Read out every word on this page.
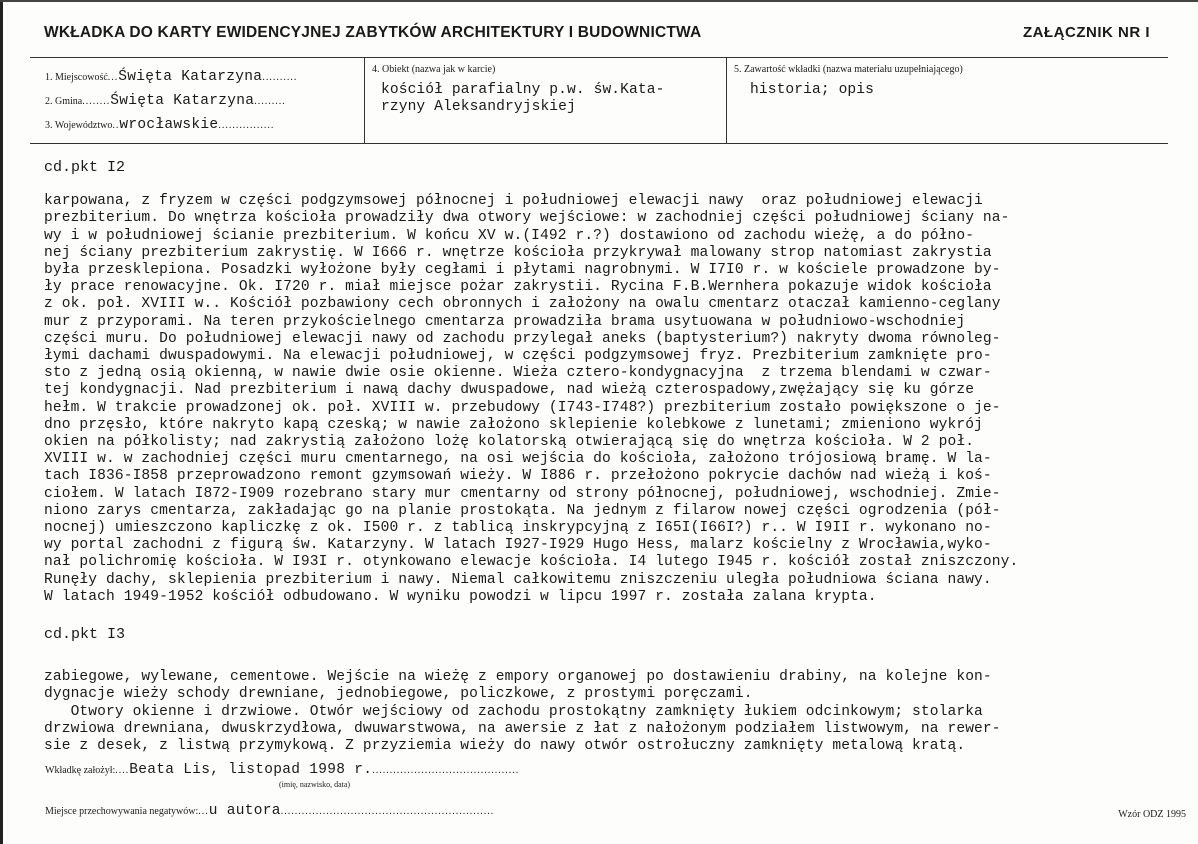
WKŁADKA DO KARTY EWIDENCYJNEJ ZABYTKÓW ARCHITEKTURY I BUDOWNICTWA	ZAŁĄCZNIK NR I
1. Miejscowość ... Święta Katarzyna ..........
2. Gmina ........ Święta Katarzyna .........
3. Województwo .. wrocławskie ................
4. Obiekt (nazwa jak w karcie)
kościół parafialny p.w. św.Kata-
rzyny Aleksandryjskiej
5. Zawartość wkładki (nazwa materiału uzupełniającego)
historia; opis
cd.pkt I2

karpowana, z fryzem w części podgzymsowej północnej i południowej elewacji nawy  oraz południowej elewacji
prezbiterium. Do wnętrza kościoła prowadziły dwa otwory wejściowe: w zachodniej części południowej ściany na-
wy i w południowej ścianie prezbiterium. W końcu XV w.(I492 r.?) dostawiono od zachodu wieżę, a do półno-
nej ściany prezbiterium zakrystię. W I666 r. wnętrze kościoła przykrywał malowany strop natomiast zakrystia
była przesklepiona. Posadzki wyłożone były cegłami i płytami nagrobnymi. W I7I0 r. w kościele prowadzone by-
ły prace renowacyjne. Ok. I720 r. miał miejsce pożar zakrystii. Rycina F.B.Wernhera pokazuje widok kościoła
z ok. poł. XVIII w.. Kościół pozbawiony cech obronnych i założony na owalu cmentarz otaczał kamienno-ceglany
mur z przyporami. Na teren przykościelnego cmentarza prowadziła brama usytuowana w południowo-wschodniej
części muru. Do południowej elewacji nawy od zachodu przylegał aneks (baptysterium?) nakryty dwoma równoleg-
łymi dachami dwuspadowymi. Na elewacji południowej, w części podgzymsowej fryz. Prezbiterium zamknięte pro-
sto z jedną osią okienną, w nawie dwie osie okienne. Wieża cztero-kondygnacyjna  z trzema blendami w czwar-
tej kondygnacji. Nad prezbiterium i nawą dachy dwuspadowe, nad wieżą czterospadowy,zwężający się ku górze
hełm. W trakcie prowadzonej ok. poł. XVIII w. przebudowy (I743-I748?) prezbiterium zostało powiększone o je-
dno przęsło, które nakryto kapą czeską; w nawie założono sklepienie kolebkowe z lunetami; zmieniono wykrój
okien na półkolisty; nad zakrystią założono lożę kolatorską otwierającą się do wnętrza kościoła. W 2 poł.
XVIII w. w zachodniej części muru cmentarnego, na osi wejścia do kościoła, założono trójosiową bramę. W la-
tach I836-I858 przeprowadzono remont gzymsowań wieży. W I886 r. przełożono pokrycie dachów nad wieżą i koś-
ciołem. W latach I872-I909 rozebrano stary mur cmentarny od strony północnej, południowej, wschodniej. Zmie-
niono zarys cmentarza, zakładając go na planie prostokąta. Na jednym z filarow nowej części ogrodzenia (pół-
nocnej) umieszczono kapliczkę z ok. I500 r. z tablicą inskrypcyjną z I65I(I66I?) r.. W I9II r. wykonano no-
wy portal zachodni z figurą św. Katarzyny. W latach I927-I929 Hugo Hess, malarz kościelny z Wrocławia,wyko-
nał polichromię kościoła. W I93I r. otynkowano elewacje kościoła. I4 lutego I945 r. kościół został zniszczony.
Runęły dachy, sklepienia prezbiterium i nawy. Niemal całkowitemu zniszczeniu uległa południowa ściana nawy.
W latach 1949-1952 kościół odbudowano. W wyniku powodzi w lipcu 1997 r. została zalana krypta.

cd.pkt I3

zabiegowe, wylewane, cementowe. Wejście na wieżę z empory organowej po dostawieniu drabiny, na kolejne kon-
dygnacje wieży schody drewniane, jednobiegowe, policzkowe, z prostymi poręczami.
Otwory okienne i drzwiowe. Otwór wejściowy od zachodu prostokątny zamknięty łukiem odcinkowym; stolarka
drzwiowa drewniana, dwuskrzydłowa, dwuwarstwowa, na awersie z łat z nałożonym podziałem listwowym, na rewer-
sie z desek, z listwą przymykową. Z przyziemia wieży do nawy otwór ostrołuczny zamknięty metalową kratą.

Wkładkę założył: .... Beata Lis, listopad 1998 r. ..........................................
(imię, nazwisko, data)
Miejsce przechowywania negatywów: ... u autora .............................................................	Wzór ODZ 1995
